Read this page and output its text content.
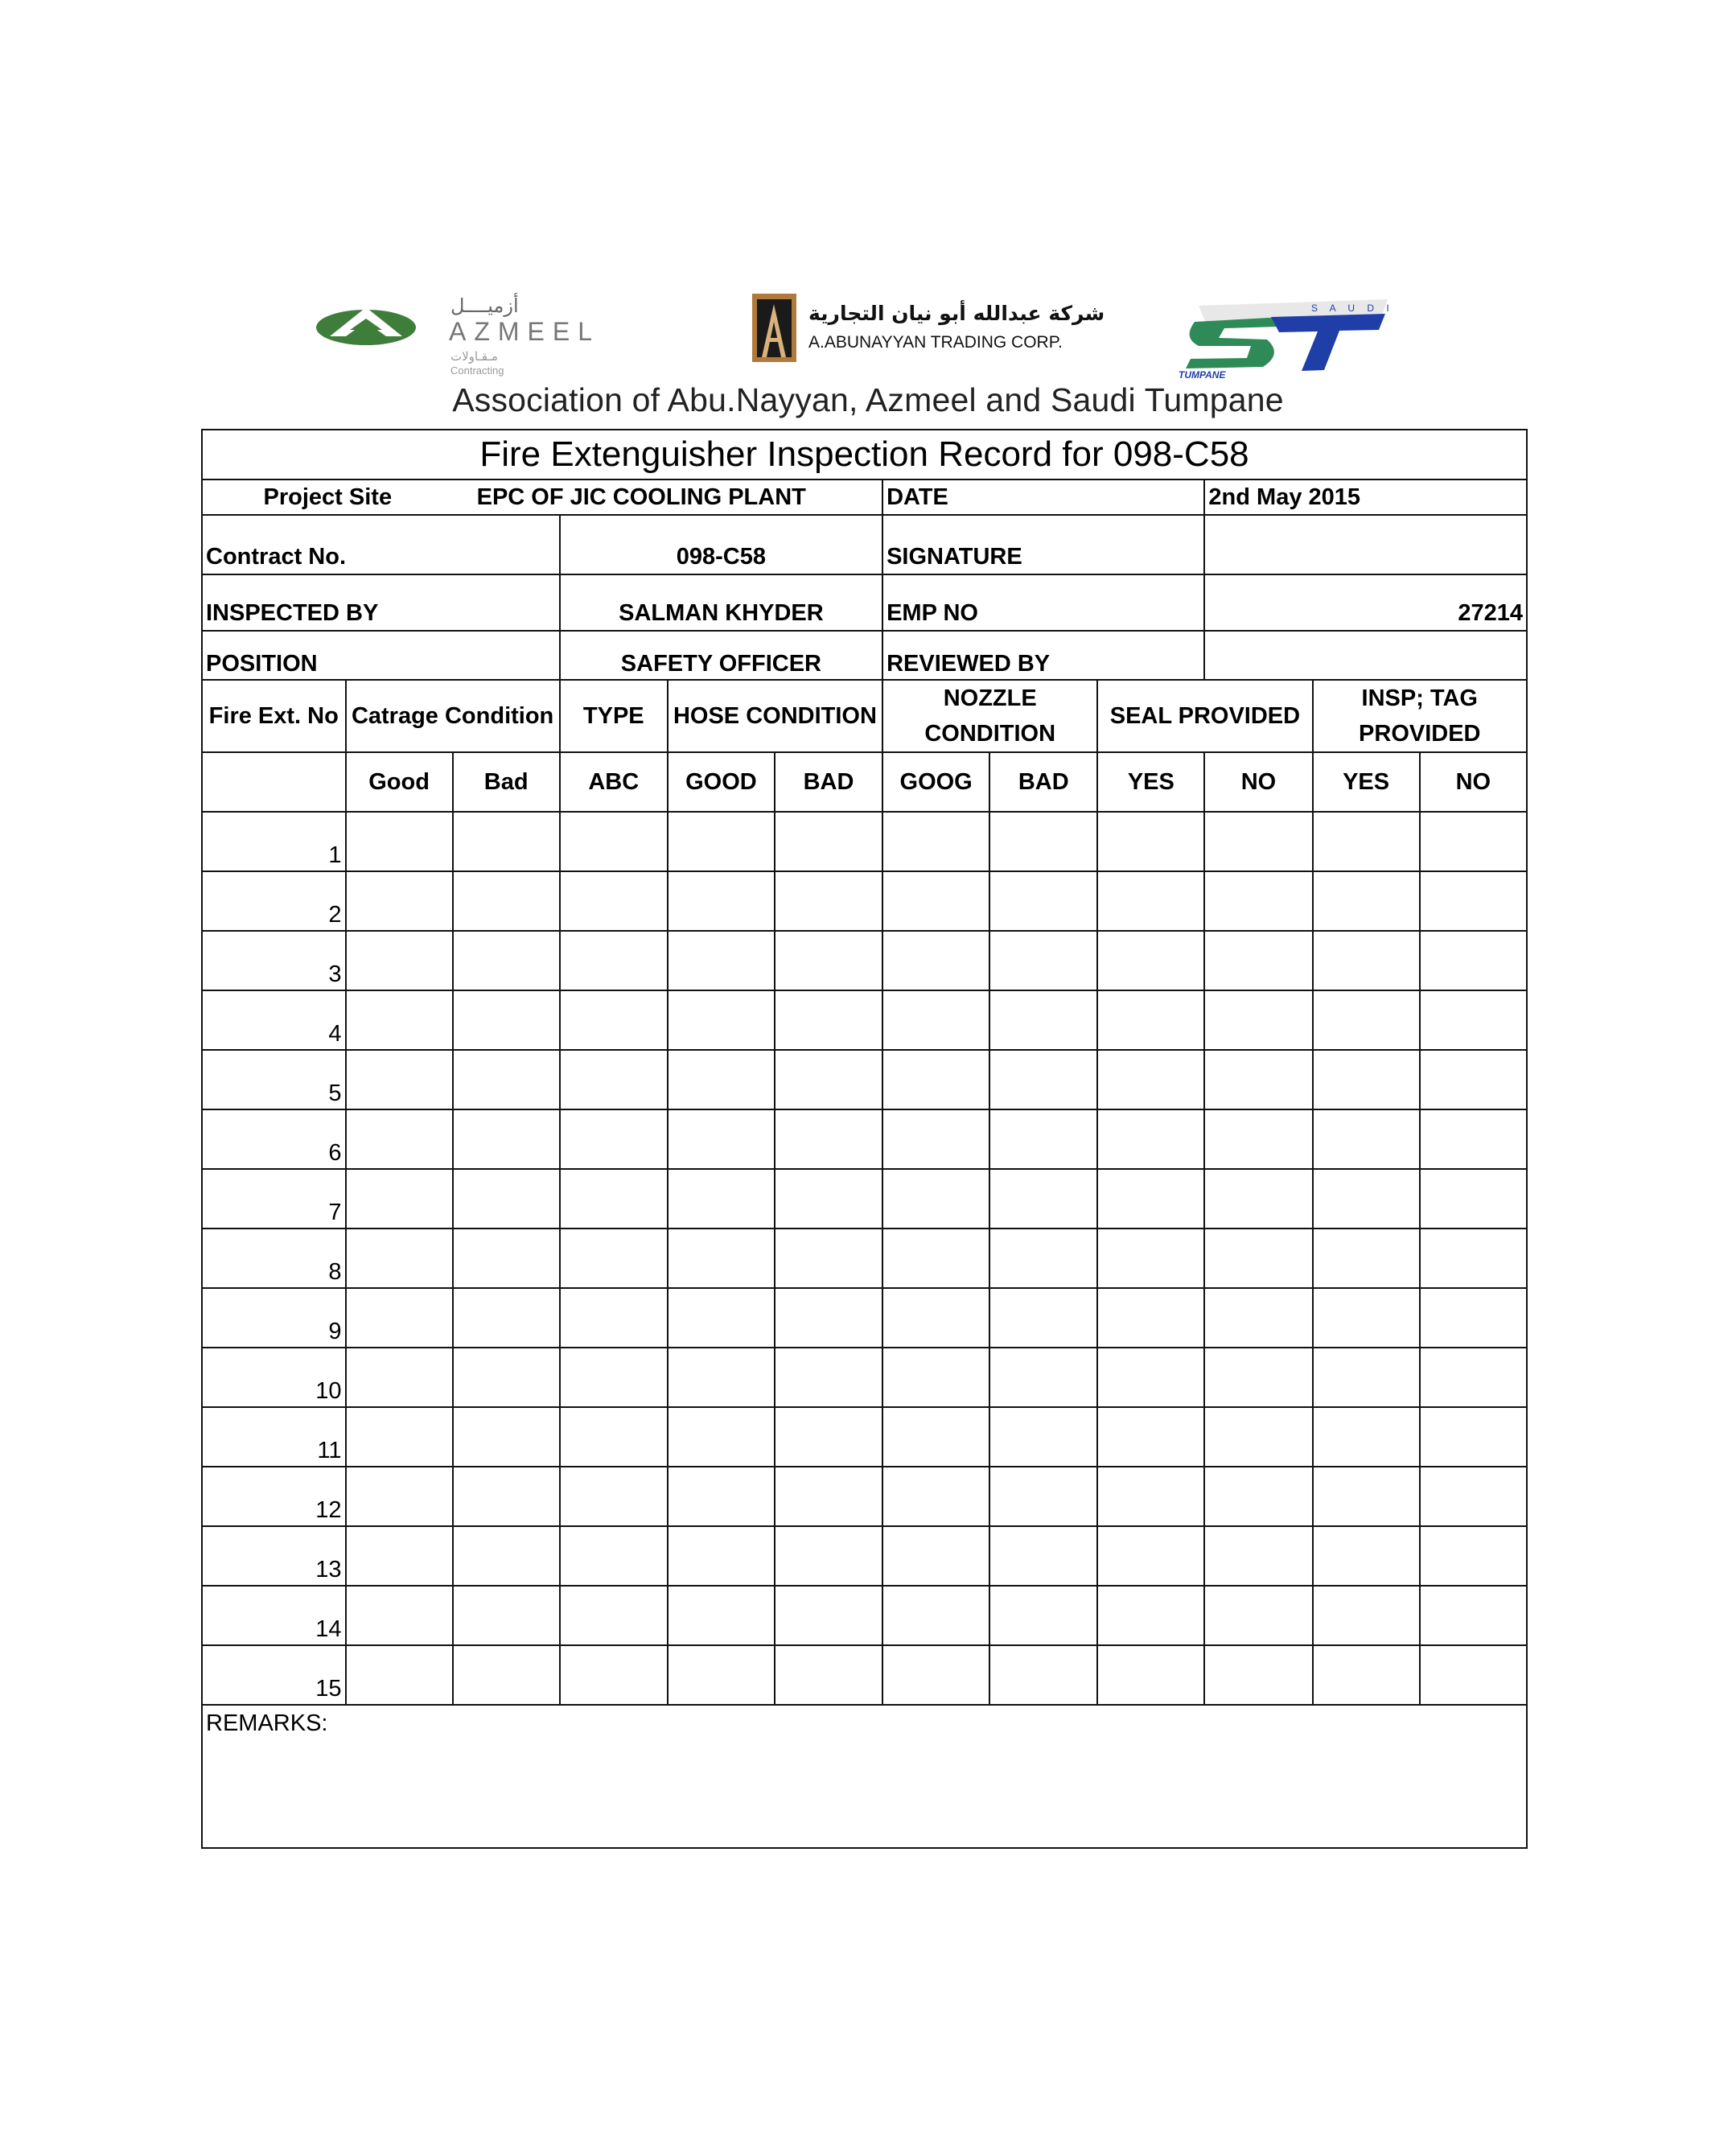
أزميــــل
AZMEEL
مـقـاولات
Contracting
شركة عبدالله أبو نيان التجارية
A.ABUNAYYAN TRADING CORP.
S A U D I
TUMPANE
Association of Abu.Nayyan, Azmeel and Saudi Tumpane
Fire Extenguisher Inspection Record for 098-C58											
Project Site		EPC OF JIC COOLING PLANT				DATE			2nd May 2015		
Contract No.			098-C58			SIGNATURE					
INSPECTED BY			SALMAN KHYDER			EMP NO			27214		
POSITION			SAFETY OFFICER			REVIEWED BY					
Fire Ext. No	Catrage Condition		TYPE	HOSE CONDITION		NOZZLE CONDITION		SEAL PROVIDED		INSP; TAG PROVIDED	
	Good	Bad	ABC	GOOD	BAD	GOOG	BAD	YES	NO	YES	NO
1											
2											
3											
4											
5											
6											
7											
8											
9											
10											
11											
12											
13											
14											
15											
REMARKS:											
